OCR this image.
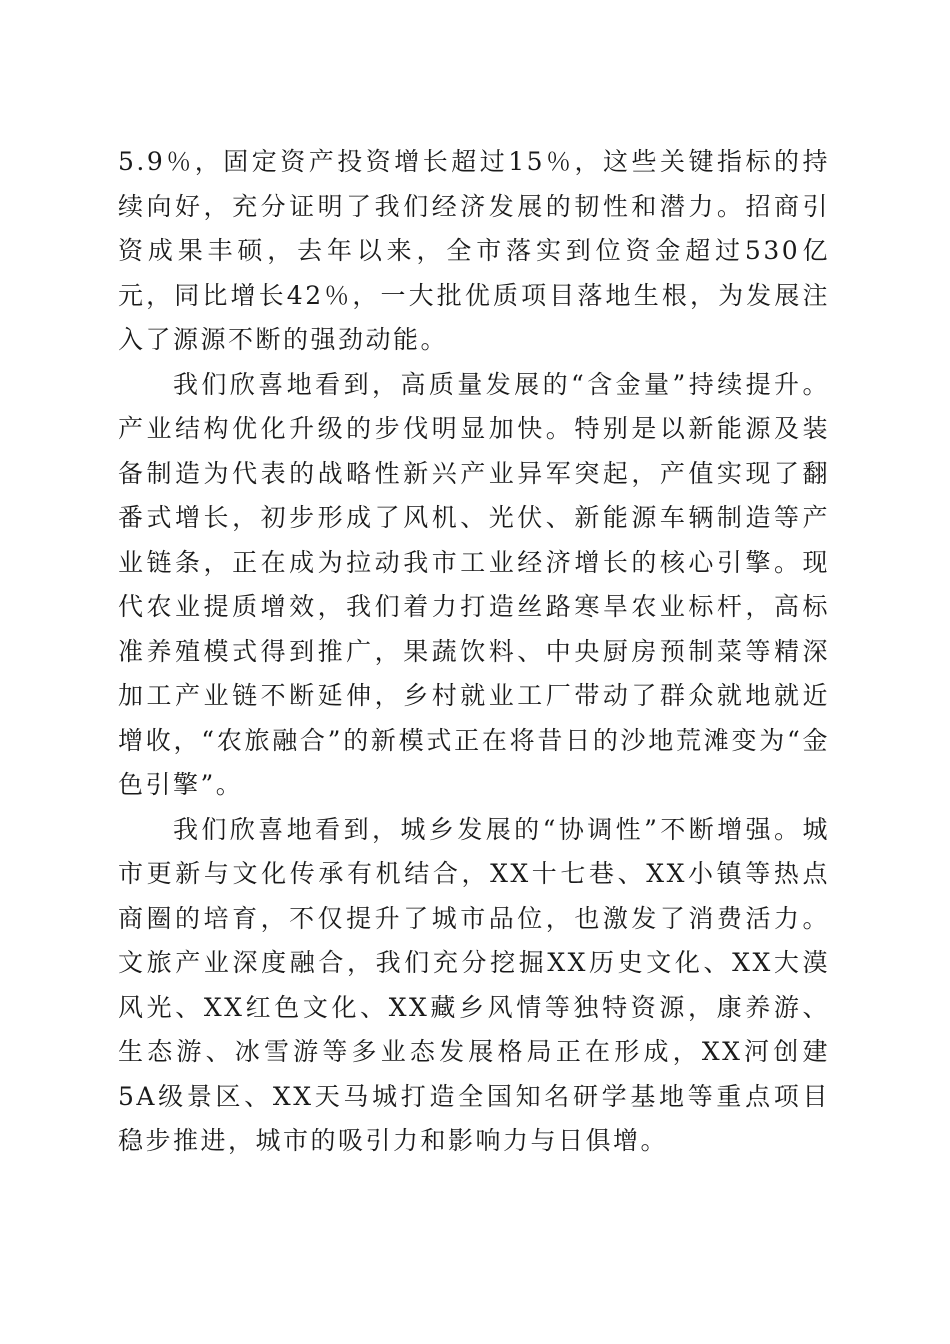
5.9％，固定资产投资增长超过15％，这些关键指标的持续向好，充分证明了我们经济发展的韧性和潜力。招商引资成果丰硕，去年以来，全市落实到位资金超过530亿元，同比增长42％，一大批优质项目落地生根，为发展注入了源源不断的强劲动能。

我们欣喜地看到，高质量发展的“含金量”持续提升。产业结构优化升级的步伐明显加快。特别是以新能源及装备制造为代表的战略性新兴产业异军突起，产值实现了翻番式增长，初步形成了风机、光伏、新能源车辆制造等产业链条，正在成为拉动我市工业经济增长的核心引擎。现代农业提质增效，我们着力打造丝路寒旱农业标杆，高标准养殖模式得到推广，果蔬饮料、中央厨房预制菜等精深加工产业链不断延伸，乡村就业工厂带动了群众就地就近增收，“农旅融合”的新模式正在将昔日的沙地荒滩变为“金色引擎”。

我们欣喜地看到，城乡发展的“协调性”不断增强。城市更新与文化传承有机结合，XX十七巷、XX小镇等热点商圈的培育，不仅提升了城市品位，也激发了消费活力。文旅产业深度融合，我们充分挖掘XX历史文化、XX大漠风光、XX红色文化、XX藏乡风情等独特资源，康养游、生态游、冰雪游等多业态发展格局正在形成，XX河创建5A级景区、XX天马城打造全国知名研学基地等重点项目稳步推进，城市的吸引力和影响力与日俱增。
